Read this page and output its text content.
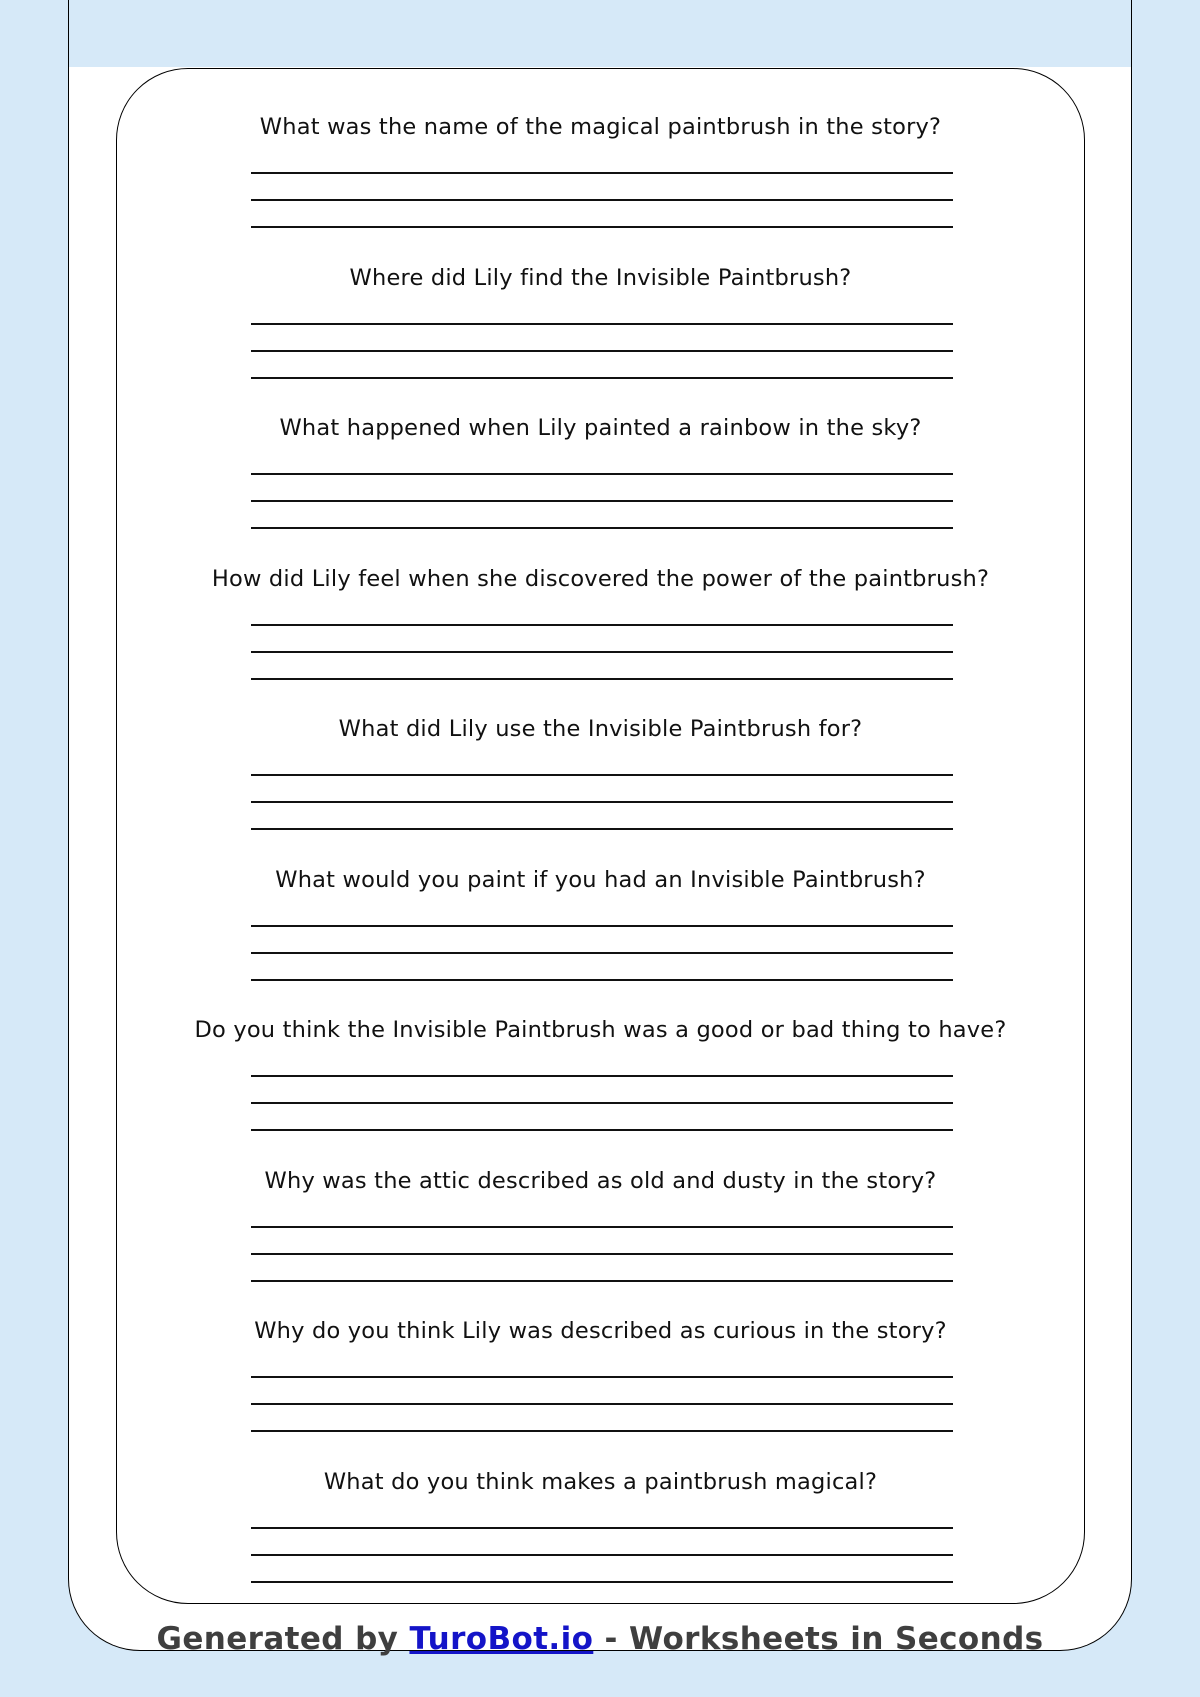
What was the name of the magical paintbrush in the story?
Where did Lily find the Invisible Paintbrush?
What happened when Lily painted a rainbow in the sky?
How did Lily feel when she discovered the power of the paintbrush?
What did Lily use the Invisible Paintbrush for?
What would you paint if you had an Invisible Paintbrush?
Do you think the Invisible Paintbrush was a good or bad thing to have?
Why was the attic described as old and dusty in the story?
Why do you think Lily was described as curious in the story?
What do you think makes a paintbrush magical?
Generated by TuroBot.io - Worksheets in Seconds
